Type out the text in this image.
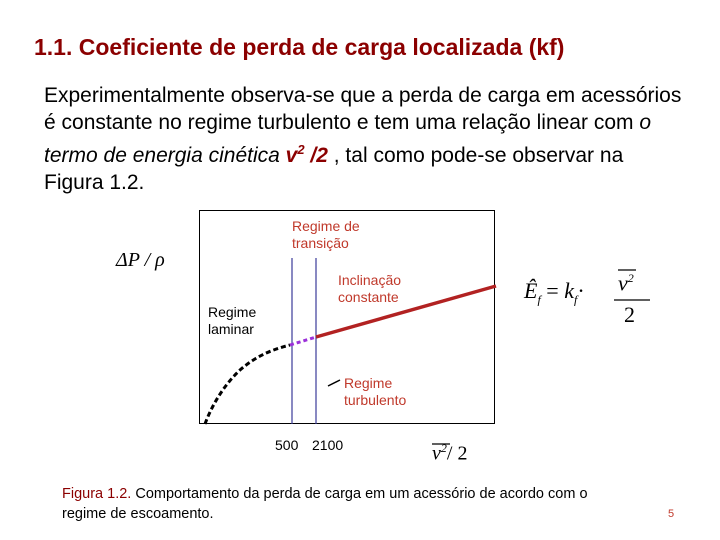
1.1. Coeficiente de perda de carga localizada (kf)
Experimentalmente observa-se que a perda de carga em acessórios é constante no regime turbulento e tem uma relação linear com o termo de energia cinética $v^2$ /2 , tal como pode-se observar na Figura 1.2.
ΔP / ρ
Regime de
transição
Inclinação
constante
Regime
laminar
Regime
turbulento
500 2100	$v^2/$ 2
$Ê_f = k_f\cdot v^2$
2
Figura 1.2. Comportamento da perda de carga em um acessório de acordo com o regime de escoamento.	5
